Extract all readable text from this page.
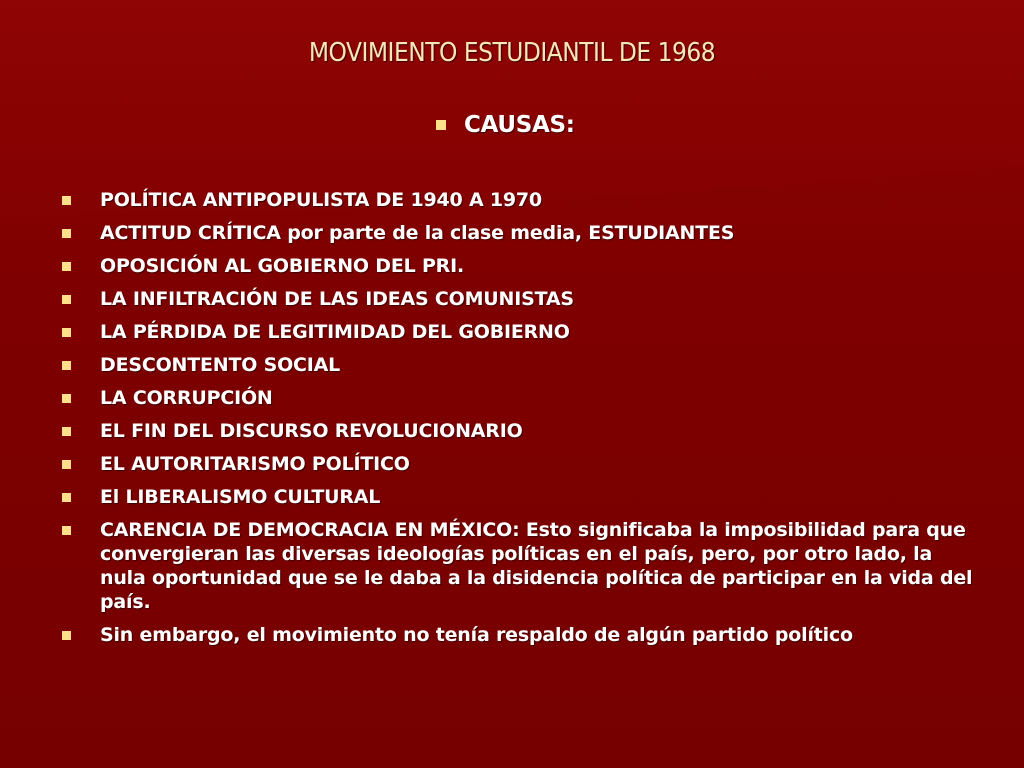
MOVIMIENTO ESTUDIANTIL DE 1968
CAUSAS:
POLÍTICA ANTIPOPULISTA DE 1940 A 1970
ACTITUD CRÍTICA por parte de la clase media, ESTUDIANTES
OPOSICIÓN AL GOBIERNO DEL PRI.
LA INFILTRACIÓN DE LAS IDEAS COMUNISTAS
LA PÉRDIDA DE LEGITIMIDAD DEL GOBIERNO
DESCONTENTO SOCIAL
LA CORRUPCIÓN
EL FIN DEL DISCURSO REVOLUCIONARIO
EL AUTORITARISMO POLÍTICO
El LIBERALISMO CULTURAL
CARENCIA DE DEMOCRACIA EN MÉXICO: Esto significaba la imposibilidad para que convergieran las diversas ideologías políticas en el país, pero, por otro lado, la nula oportunidad que se le daba a la disidencia política de participar en la vida del país.
Sin embargo, el movimiento no tenía respaldo de algún partido político
